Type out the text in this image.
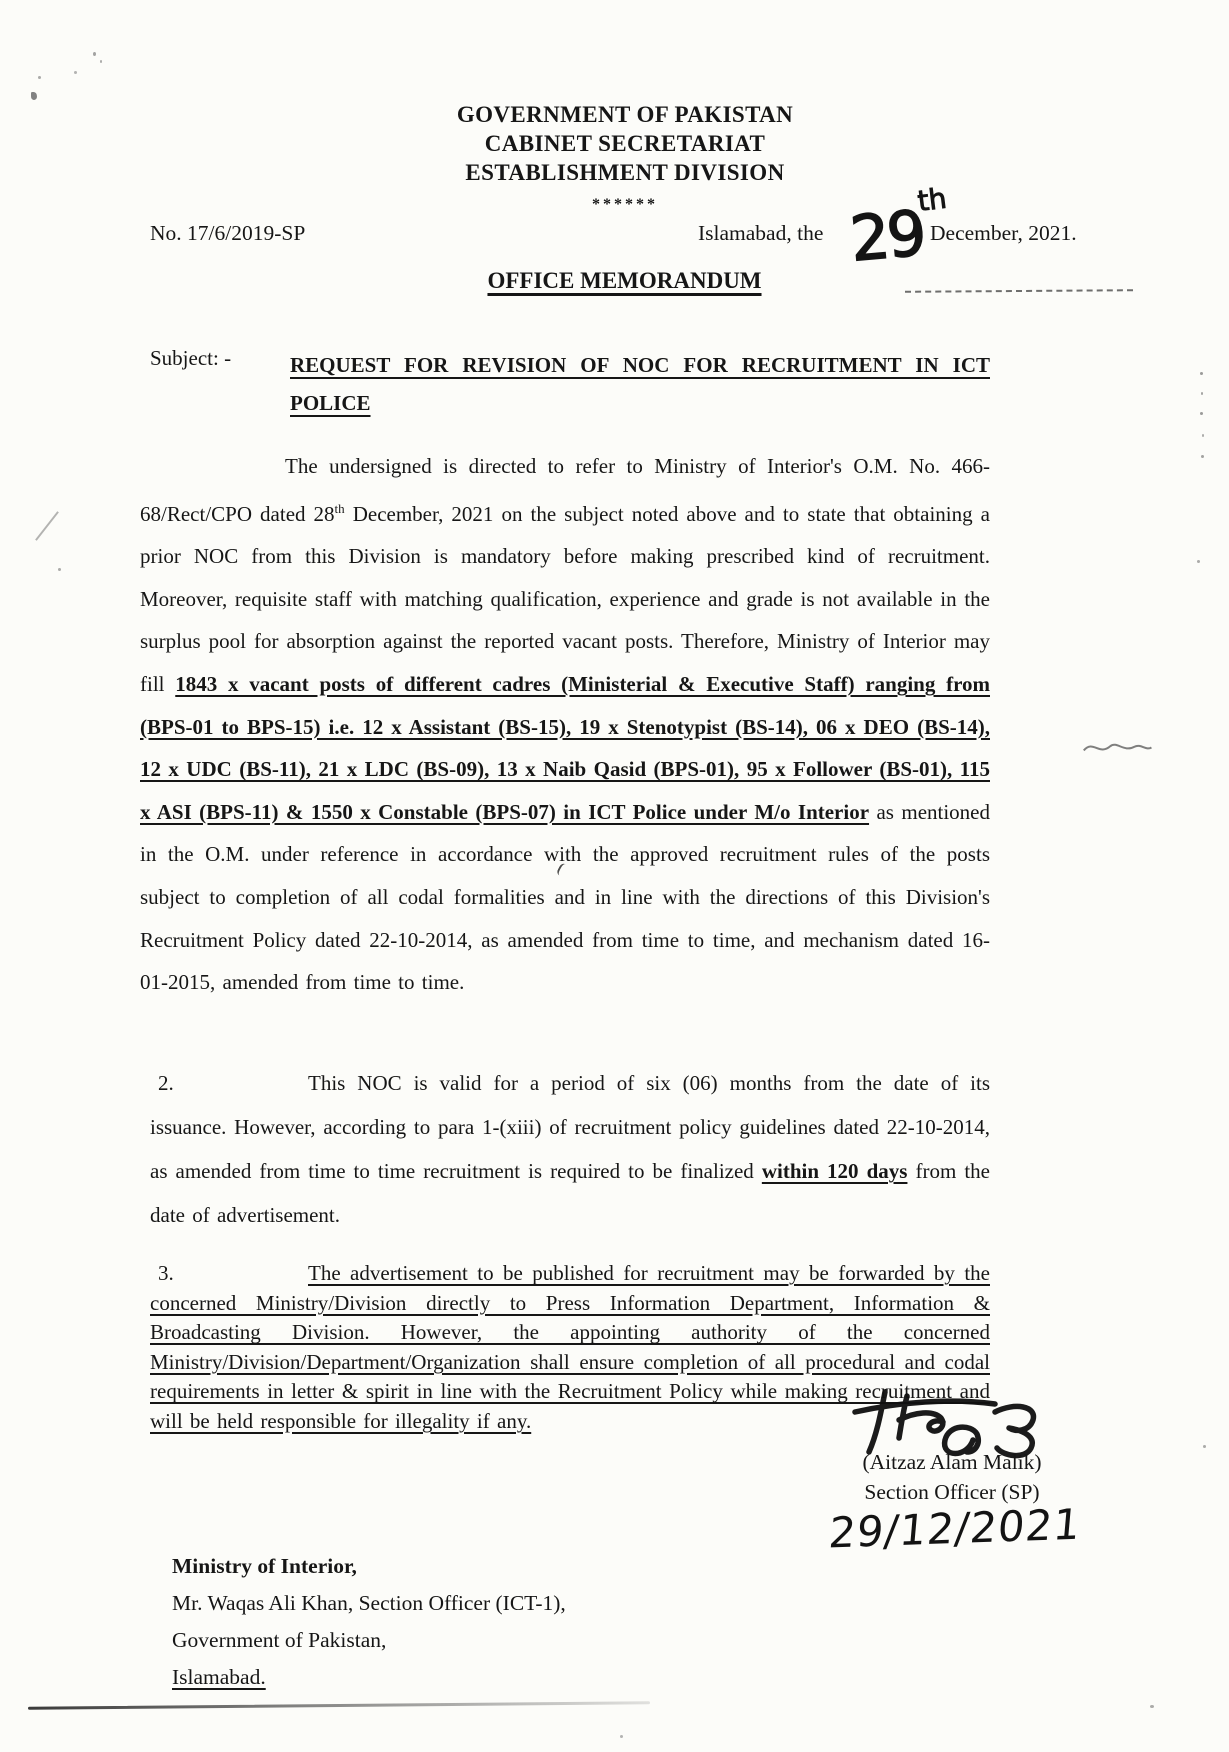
GOVERNMENT OF PAKISTAN
CABINET SECRETARIAT
ESTABLISHMENT DIVISION
******
No. 17/6/2019-SP	Islamabad, the 29
th
December, 2021.
OFFICE MEMORANDUM
Subject: -	REQUEST FOR REVISION OF NOC FOR RECRUITMENT IN ICT
POLICE

The undersigned is directed to refer to Ministry of Interior's O.M. No. 466-68/Rect/CPO dated 28th December, 2021 on the subject noted above and to state that obtaining a prior NOC from this Division is mandatory before making prescribed kind of recruitment. Moreover, requisite staff with matching qualification, experience and grade is not available in the surplus pool for absorption against the reported vacant posts. Therefore, Ministry of Interior may fill 1843 x vacant posts of different cadres (Ministerial & Executive Staff) ranging from (BPS-01 to BPS-15) i.e. 12 x Assistant (BS-15), 19 x Stenotypist (BS-14), 06 x DEO (BS-14), 12 x UDC (BS-11), 21 x LDC (BS-09), 13 x Naib Qasid (BPS-01), 95 x Follower (BS-01), 115 x ASI (BPS-11) & 1550 x Constable (BPS-07) in ICT Police under M/o Interior as mentioned in the O.M. under reference in accordance with the approved recruitment rules of the posts subject to completion of all codal formalities and in line with the directions of this Division's Recruitment Policy dated 22-10-2014, as amended from time to time, and mechanism dated 16-01-2015, amended from time to time.

2.	This NOC is valid for a period of six (06) months from the date of its issuance. However, according to para 1-(xiii) of recruitment policy guidelines dated 22-10-2014, as amended from time to time recruitment is required to be finalized within 120 days from the date of advertisement.

3.	The advertisement to be published for recruitment may be forwarded by the concerned Ministry/Division directly to Press Information Department, Information & Broadcasting Division. However, the appointing authority of the concerned Ministry/Division/Department/Organization shall ensure completion of all procedural and codal requirements in letter & spirit in line with the Recruitment Policy while making recruitment and will be held responsible for illegality if any.

(Aitzaz Alam Malik)
Section Officer (SP)
29/12/2021
Ministry of Interior,
Mr. Waqas Ali Khan, Section Officer (ICT-1),
Government of Pakistan,
Islamabad.
